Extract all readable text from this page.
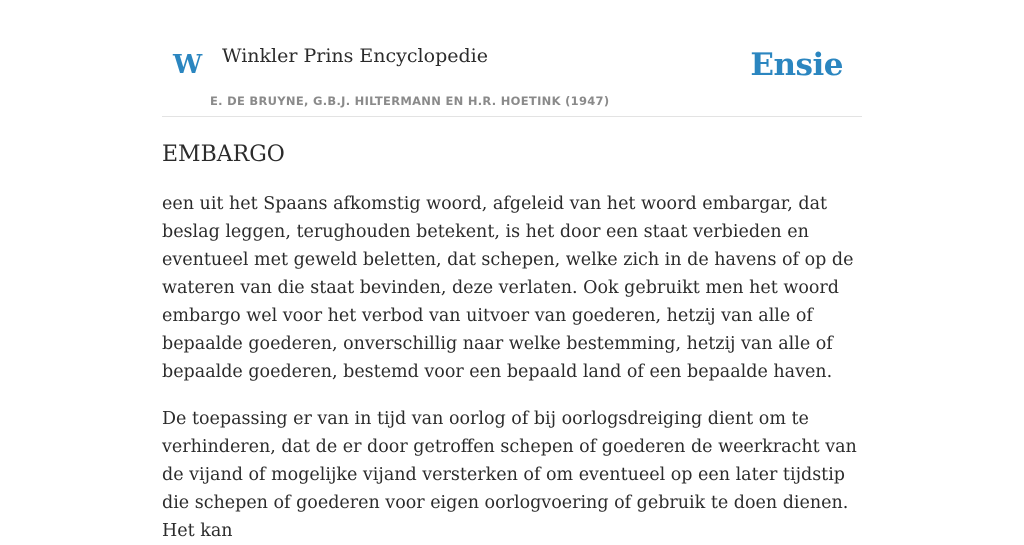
W Winkler Prins Encyclopedie
E. DE BRUYNE, G.B.J. HILTERMANN EN H.R. HOETINK (1947)
Ensie
EMBARGO

een uit het Spaans afkomstig woord, afgeleid van het woord embargar, dat beslag leggen, terughouden betekent, is het door een staat verbieden en eventueel met geweld beletten, dat schepen, welke zich in de havens of op de wateren van die staat bevinden, deze verlaten. Ook gebruikt men het woord embargo wel voor het verbod van uitvoer van goederen, hetzij van alle of bepaalde goederen, onverschillig naar welke bestemming, hetzij van alle of bepaalde goederen, bestemd voor een bepaald land of een bepaalde haven.

De toepassing er van in tijd van oorlog of bij oorlogsdreiging dient om te verhinderen, dat de er door getroffen schepen of goederen de weerkracht van de vijand of mogelijke vijand versterken of om eventueel op een later tijdstip die schepen of goederen voor eigen oorlogvoering of gebruik te doen dienen. Het kan
